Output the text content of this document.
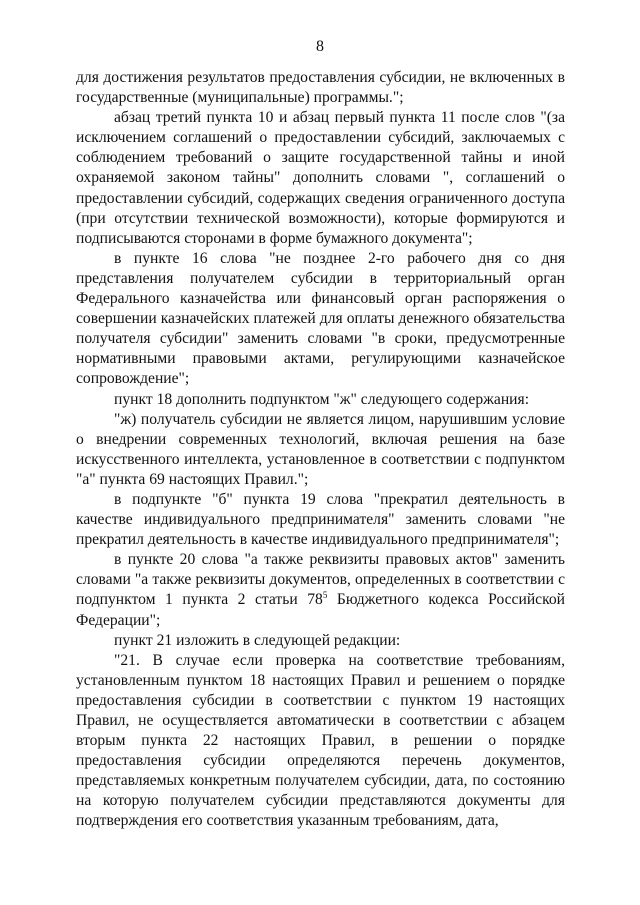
8

для достижения результатов предоставления субсидии, не включенных в государственные (муниципальные) программы.";

абзац третий пункта 10 и абзац первый пункта 11 после слов "(за исключением соглашений о предоставлении субсидий, заключаемых с соблюдением требований о защите государственной тайны и иной охраняемой законом тайны" дополнить словами ", соглашений о предоставлении субсидий, содержащих сведения ограниченного доступа (при отсутствии технической возможности), которые формируются и подписываются сторонами в форме бумажного документа";

в пункте 16 слова "не позднее 2-го рабочего дня со дня представления получателем субсидии в территориальный орган Федерального казначейства или финансовый орган распоряжения о совершении казначейских платежей для оплаты денежного обязательства получателя субсидии" заменить словами "в сроки, предусмотренные нормативными правовыми актами, регулирующими казначейское сопровождение";

пункт 18 дополнить подпунктом "ж" следующего содержания:

"ж) получатель субсидии не является лицом, нарушившим условие о внедрении современных технологий, включая решения на базе искусственного интеллекта, установленное в соответствии с подпунктом "а" пункта 69 настоящих Правил.";

в подпункте "б" пункта 19 слова "прекратил деятельность в качестве индивидуального предпринимателя" заменить словами "не прекратил деятельность в качестве индивидуального предпринимателя";

в пункте 20 слова "а также реквизиты правовых актов" заменить словами "а также реквизиты документов, определенных в соответствии с подпунктом 1 пункта 2 статьи $78^5$ Бюджетного кодекса Российской Федерации";

пункт 21 изложить в следующей редакции:

"21. В случае если проверка на соответствие требованиям, установленным пунктом 18 настоящих Правил и решением о порядке предоставления субсидии в соответствии с пунктом 19 настоящих Правил, не осуществляется автоматически в соответствии с абзацем вторым пункта 22 настоящих Правил, в решении о порядке предоставления субсидии определяются перечень документов, представляемых конкретным получателем субсидии, дата, по состоянию на которую получателем субсидии представляются документы для подтверждения его соответствия указанным требованиям, дата,
